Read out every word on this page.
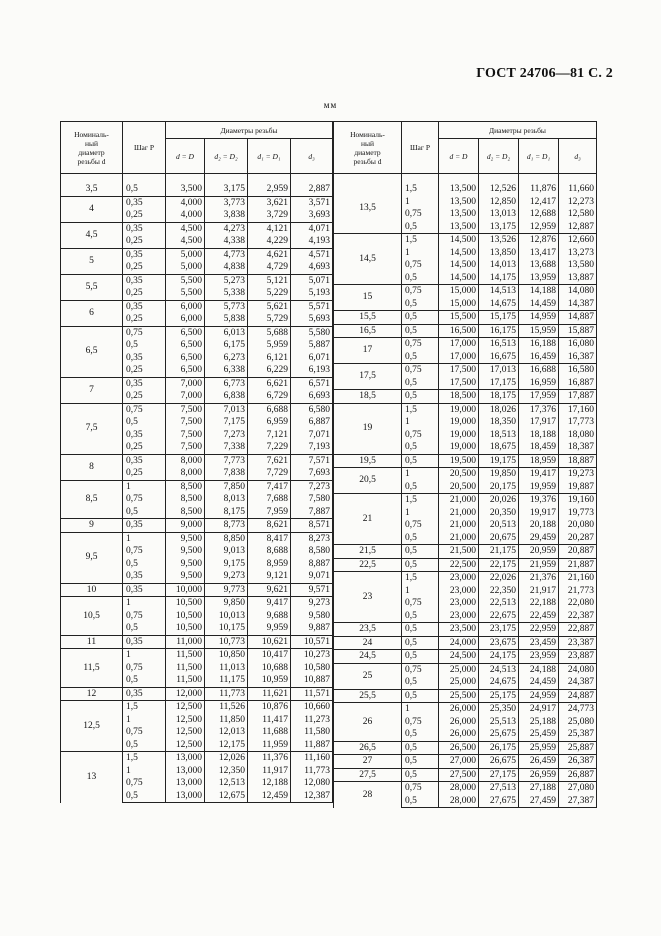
ГОСТ 24706—81 С. 2
мм
Номиналь-
ный
диаметр
резьбы d	Шаг P	Диаметры резьбы			
		d = D	d₂ = D₂	d₁ = D₁	d₃

3,5	0,5	3,500	3,175	2,959	2,887
4	0,35	4,000	3,773	3,621	3,571
	0,25	4,000	3,838	3,729	3,693
4,5	0,35	4,500	4,273	4,121	4,071
	0,25	4,500	4,338	4,229	4,193
5	0,35	5,000	4,773	4,621	4,571
	0,25	5,000	4,838	4,729	4,693
5,5	0,35	5,500	5,273	5,121	5,071
	0,25	5,500	5,338	5,229	5,193
6	0,35	6,000	5,773	5,621	5,571
	0,25	6,000	5,838	5,729	5,693
6,5	0,75	6,500	6,013	5,688	5,580
	0,5	6,500	6,175	5,959	5,887
	0,35	6,500	6,273	6,121	6,071
	0,25	6,500	6,338	6,229	6,193
7	0,35	7,000	6,773	6,621	6,571
	0,25	7,000	6,838	6,729	6,693
7,5	0,75	7,500	7,013	6,688	6,580
	0,5	7,500	7,175	6,959	6,887
	0,35	7,500	7,273	7,121	7,071
	0,25	7,500	7,338	7,229	7,193
8	0,35	8,000	7,773	7,621	7,571
	0,25	8,000	7,838	7,729	7,693
8,5	1	8,500	7,850	7,417	7,273
	0,75	8,500	8,013	7,688	7,580
	0,5	8,500	8,175	7,959	7,887
9	0,35	9,000	8,773	8,621	8,571
9,5	1	9,500	8,850	8,417	8,273
	0,75	9,500	9,013	8,688	8,580
	0,5	9,500	9,175	8,959	8,887
	0,35	9,500	9,273	9,121	9,071
10	0,35	10,000	9,773	9,621	9,571
10,5	1	10,500	9,850	9,417	9,273
	0,75	10,500	10,013	9,688	9,580
	0,5	10,500	10,175	9,959	9,887
11	0,35	11,000	10,773	10,621	10,571
11,5	1	11,500	10,850	10,417	10,273
	0,75	11,500	11,013	10,688	10,580
	0,5	11,500	11,175	10,959	10,887
12	0,35	12,000	11,773	11,621	11,571
12,5	1,5	12,500	11,526	10,876	10,660
	1	12,500	11,850	11,417	11,273
	0,75	12,500	12,013	11,688	11,580
	0,5	12,500	12,175	11,959	11,887
13	1,5	13,000	12,026	11,376	11,160
	1	13,000	12,350	11,917	11,773
	0,75	13,000	12,513	12,188	12,080
	0,5	13,000	12,675	12,459	12,387
Номиналь-
ный
диаметр
резьбы d	Шаг P	Диаметры резьбы			
		d = D	d₂ = D₂	d₁ = D₁	d₃

13,5	1,5	13,500	12,526	11,876	11,660
	1	13,500	12,850	12,417	12,273
	0,75	13,500	13,013	12,688	12,580
	0,5	13,500	13,175	12,959	12,887
14,5	1,5	14,500	13,526	12,876	12,660
	1	14,500	13,850	13,417	13,273
	0,75	14,500	14,013	13,688	13,580
	0,5	14,500	14,175	13,959	13,887
15	0,75	15,000	14,513	14,188	14,080
	0,5	15,000	14,675	14,459	14,387
15,5	0,5	15,500	15,175	14,959	14,887
16,5	0,5	16,500	16,175	15,959	15,887
17	0,75	17,000	16,513	16,188	16,080
	0,5	17,000	16,675	16,459	16,387
17,5	0,75	17,500	17,013	16,688	16,580
	0,5	17,500	17,175	16,959	16,887
18,5	0,5	18,500	18,175	17,959	17,887
19	1,5	19,000	18,026	17,376	17,160
	1	19,000	18,350	17,917	17,773
	0,75	19,000	18,513	18,188	18,080
	0,5	19,000	18,675	18,459	18,387
19,5	0,5	19,500	19,175	18,959	18,887
20,5	1	20,500	19,850	19,417	19,273
	0,5	20,500	20,175	19,959	19,887
21	1,5	21,000	20,026	19,376	19,160
	1	21,000	20,350	19,917	19,773
	0,75	21,000	20,513	20,188	20,080
	0,5	21,000	20,675	29,459	20,287
21,5	0,5	21,500	21,175	20,959	20,887
22,5	0,5	22,500	22,175	21,959	21,887
23	1,5	23,000	22,026	21,376	21,160
	1	23,000	22,350	21,917	21,773
	0,75	23,000	22,513	22,188	22,080
	0,5	23,000	22,675	22,459	22,387
23,5	0,5	23,500	23,175	22,959	22,887
24	0,5	24,000	23,675	23,459	23,387
24,5	0,5	24,500	24,175	23,959	23,887
25	0,75	25,000	24,513	24,188	24,080
	0,5	25,000	24,675	24,459	24,387
25,5	0,5	25,500	25,175	24,959	24,887
26	1	26,000	25,350	24,917	24,773
	0,75	26,000	25,513	25,188	25,080
	0,5	26,000	25,675	25,459	25,387
26,5	0,5	26,500	26,175	25,959	25,887
27	0,5	27,000	26,675	26,459	26,387
27,5	0,5	27,500	27,175	26,959	26,887
28	0,75	28,000	27,513	27,188	27,080
	0,5	28,000	27,675	27,459	27,387
